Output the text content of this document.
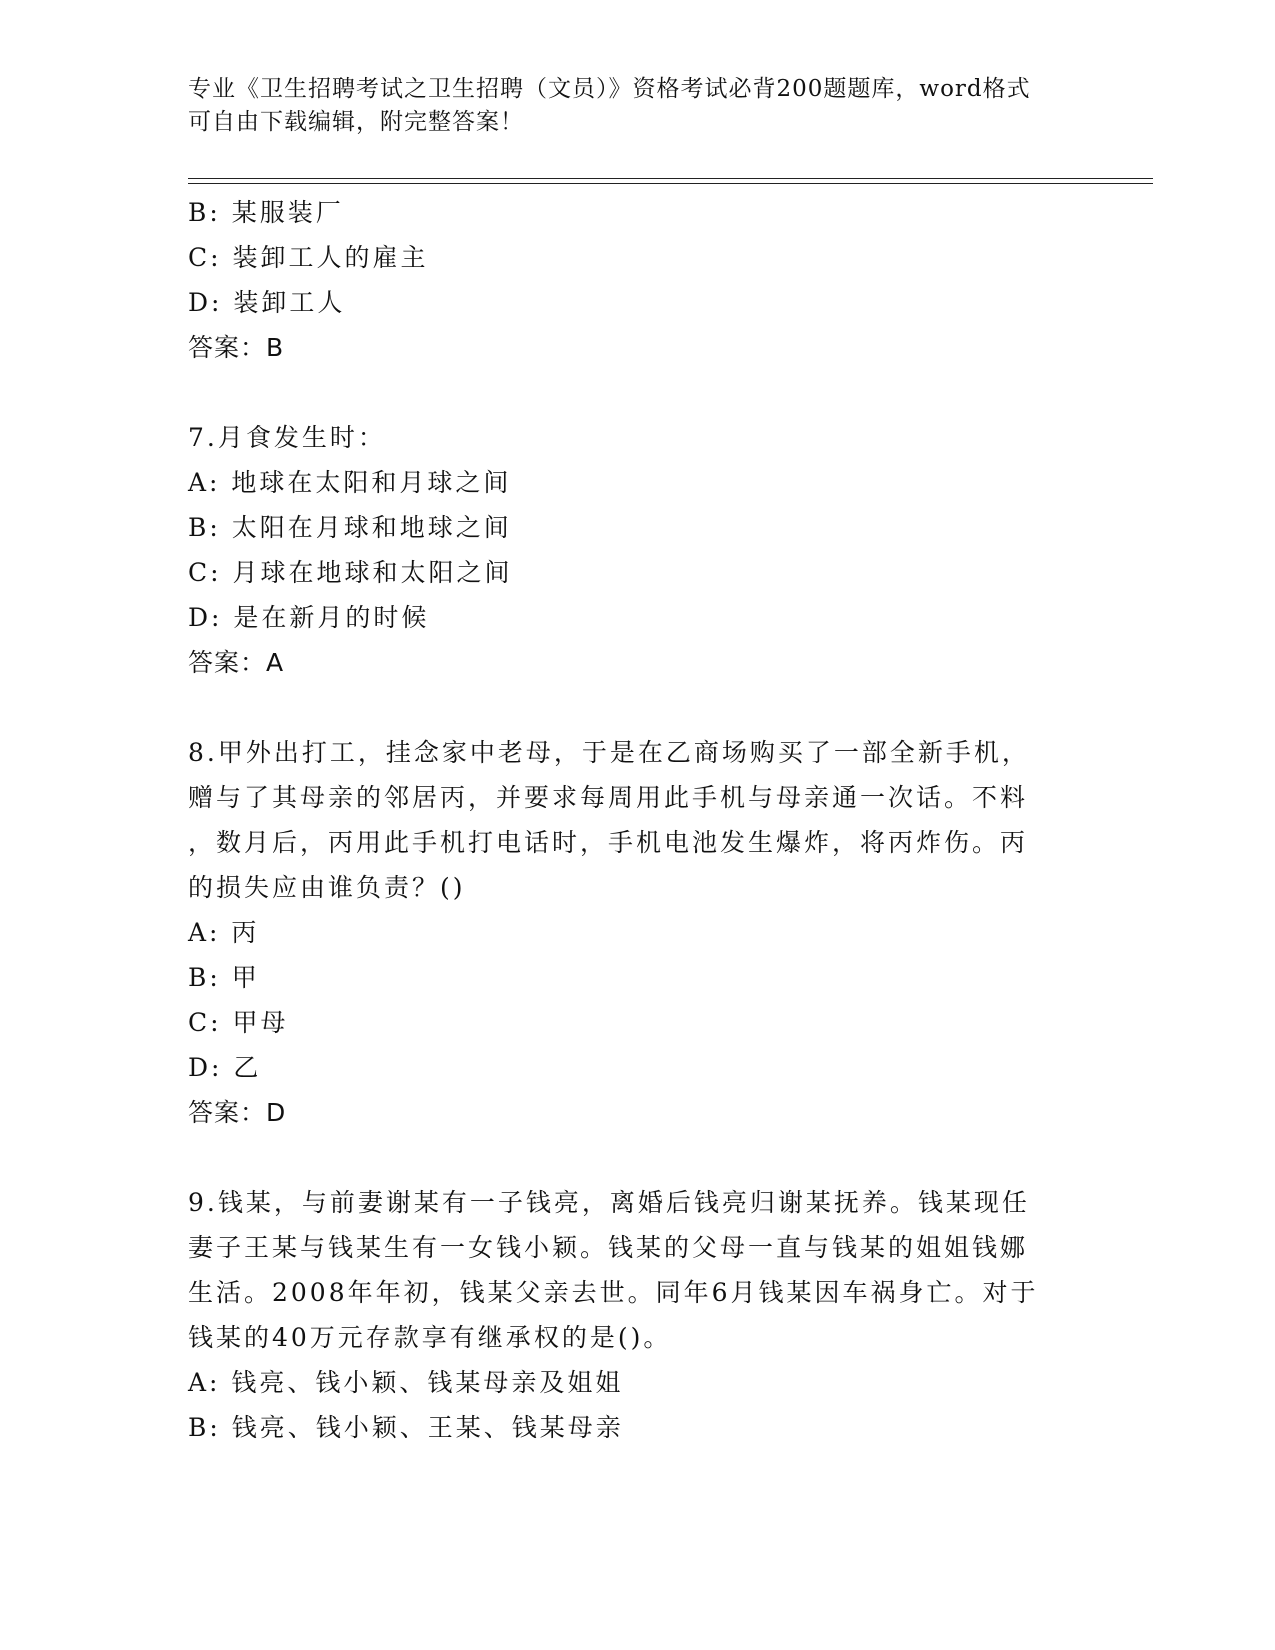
专业《卫生招聘考试之卫生招聘（文员）》资格考试必背200题题库，word格式
可自由下载编辑，附完整答案！
B: 某服装厂
C: 装卸工人的雇主
D: 装卸工人
答案：B
7.月食发生时：
A: 地球在太阳和月球之间
B: 太阳在月球和地球之间
C: 月球在地球和太阳之间
D: 是在新月的时候
答案：A
8.甲外出打工，挂念家中老母，于是在乙商场购买了一部全新手机，
赠与了其母亲的邻居丙，并要求每周用此手机与母亲通一次话。不料
，数月后，丙用此手机打电话时，手机电池发生爆炸，将丙炸伤。丙
的损失应由谁负责？()
A: 丙
B: 甲
C: 甲母
D: 乙
答案：D
9.钱某，与前妻谢某有一子钱亮，离婚后钱亮归谢某抚养。钱某现任
妻子王某与钱某生有一女钱小颖。钱某的父母一直与钱某的姐姐钱娜
生活。2008年年初，钱某父亲去世。同年6月钱某因车祸身亡。对于
钱某的40万元存款享有继承权的是()。
A: 钱亮、钱小颖、钱某母亲及姐姐
B: 钱亮、钱小颖、王某、钱某母亲
